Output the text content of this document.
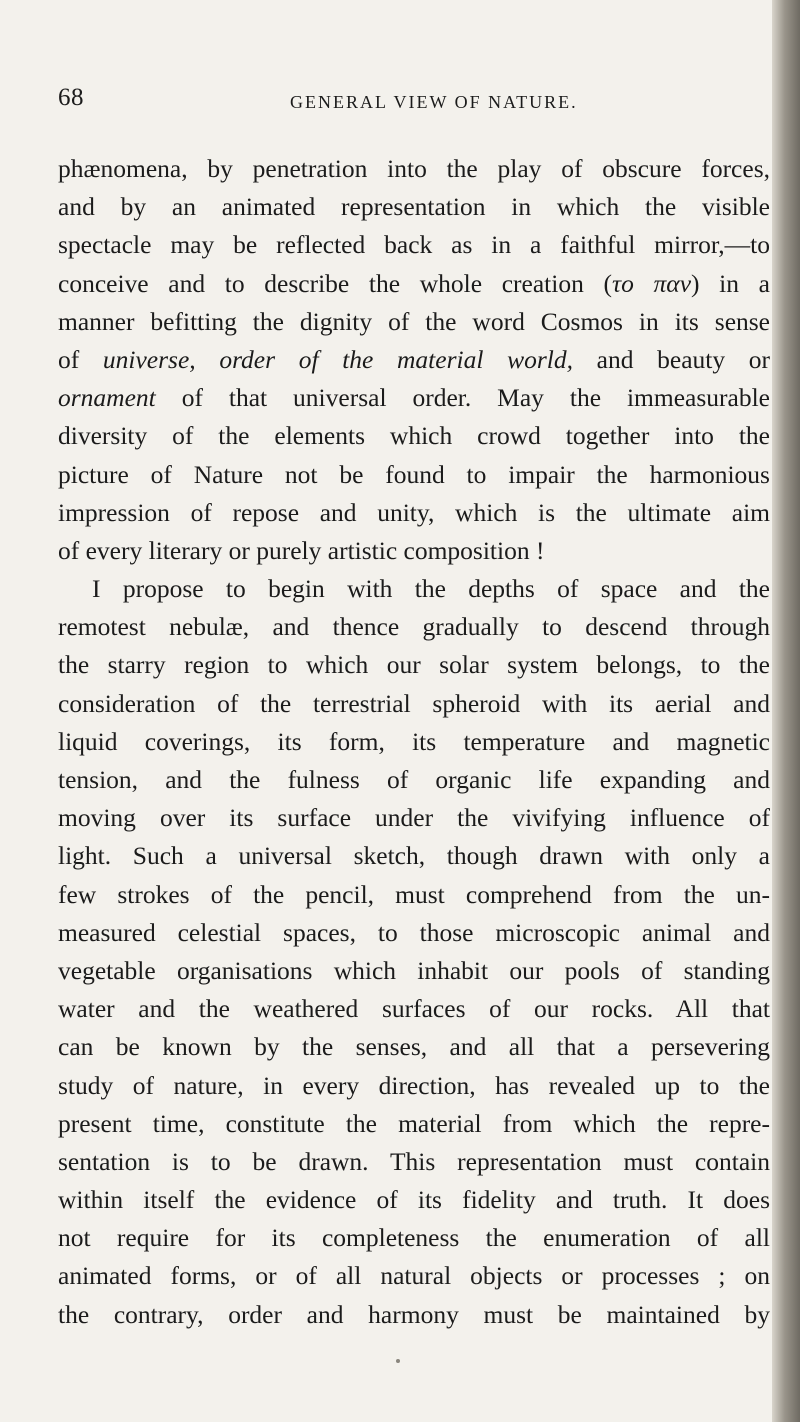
68	GENERAL VIEW OF NATURE.
phænomena, by penetration into the play of obscure forces,
and by an animated representation in which the visible
spectacle may be reflected back as in a faithful mirror,—to
conceive and to describe the whole creation (το παν) in a
manner befitting the dignity of the word Cosmos in its sense
of universe, order of the material world, and beauty or
ornament of that universal order. May the immeasurable
diversity of the elements which crowd together into the
picture of Nature not be found to impair the harmonious
impression of repose and unity, which is the ultimate aim
of every literary or purely artistic composition !
I propose to begin with the depths of space and the
remotest nebulæ, and thence gradually to descend through
the starry region to which our solar system belongs, to the
consideration of the terrestrial spheroid with its aerial and
liquid coverings, its form, its temperature and magnetic
tension, and the fulness of organic life expanding and
moving over its surface under the vivifying influence of
light. Such a universal sketch, though drawn with only a
few strokes of the pencil, must comprehend from the un-
measured celestial spaces, to those microscopic animal and
vegetable organisations which inhabit our pools of standing
water and the weathered surfaces of our rocks. All that
can be known by the senses, and all that a persevering
study of nature, in every direction, has revealed up to the
present time, constitute the material from which the repre-
sentation is to be drawn. This representation must contain
within itself the evidence of its fidelity and truth. It does
not require for its completeness the enumeration of all
animated forms, or of all natural objects or processes ; on
the contrary, order and harmony must be maintained by
